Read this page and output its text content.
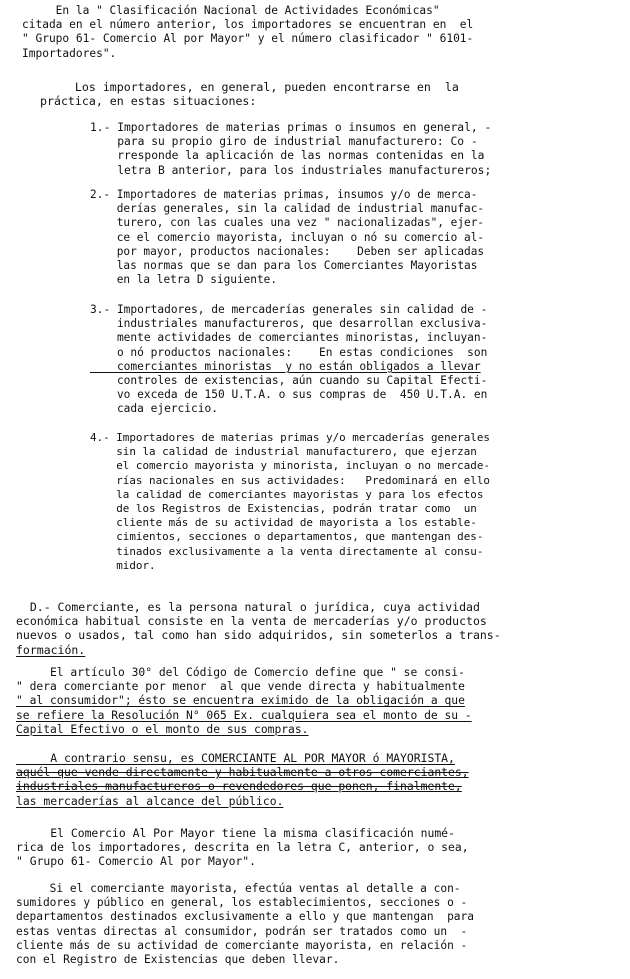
En la " Clasificación Nacional de Actividades Económicas"
citada en el número anterior, los importadores se encuentran en  el
" Grupo 61- Comercio Al por Mayor" y el número clasificador " 6101-
Importadores".
Los importadores, en general, pueden encontrarse en  la
práctica, en estas situaciones:
1.- Importadores de materias primas o insumos en general, -
para su propio giro de industrial manufacturero: Co -
rresponde la aplicación de las normas contenidas en la
letra B anterior, para los industriales manufactureros;
2.- Importadores de materias primas, insumos y/o de merca-
derías generales, sin la calidad de industrial manufac-
turero, con las cuales una vez " nacionalizadas", ejer-
ce el comercio mayorista, incluyan o nó su comercio al-
por mayor, productos nacionales:    Deben ser aplicadas
las normas que se dan para los Comerciantes Mayoristas
en la letra D siguiente.
3.- Importadores, de mercaderías generales sin calidad de -
industriales manufactureros, que desarrollan exclusiva-
mente actividades de comerciantes minoristas, incluyan-
o nó productos nacionales:    En estas condiciones  son
comerciantes minoristas  y no están obligados a llevar
controles de existencias, aún cuando su Capital Efecti-
vo exceda de 150 U.T.A. o sus compras de  450 U.T.A. en
cada ejercicio.
4.- Importadores de materias primas y/o mercaderías generales
sin la calidad de industrial manufacturero, que ejerzan
el comercio mayorista y minorista, incluyan o no mercade-
rías nacionales en sus actividades:   Predominará en ello
la calidad de comerciantes mayoristas y para los efectos
de los Registros de Existencias, podrán tratar como  un
cliente más de su actividad de mayorista a los estable-
cimientos, secciones o departamentos, que mantengan des-
tinados exclusivamente a la venta directamente al consu-
midor.
D.- Comerciante, es la persona natural o jurídica, cuya actividad
económica habitual consiste en la venta de mercaderías y/o productos
nuevos o usados, tal como han sido adquiridos, sin someterlos a trans-
formación.
El artículo 30° del Código de Comercio define que " se consi-
" dera comerciante por menor  al que vende directa y habitualmente
" al consumidor"; ésto se encuentra eximido de la obligación a que
se refiere la Resolución N° 065 Ex. cualquiera sea el monto de su -
Capital Efectivo o el monto de sus compras.
A contrario sensu, es COMERCIANTE AL POR MAYOR ó MAYORISTA,
aquél que vende directamente y habitualmente a otros comerciantes,
industriales manufactureros o revendedores que ponen, finalmente,
las mercaderías al alcance del público.
El Comercio Al Por Mayor tiene la misma clasificación numé-
rica de los importadores, descrita en la letra C, anterior, o sea,
" Grupo 61- Comercio Al por Mayor".
Si el comerciante mayorista, efectúa ventas al detalle a con-
sumidores y público en general, los establecimientos, secciones o -
departamentos destinados exclusivamente a ello y que mantengan  para
estas ventas directas al consumidor, podrán ser tratados como un  -
cliente más de su actividad de comerciante mayorista, en relación -
con el Registro de Existencias que deben llevar.
